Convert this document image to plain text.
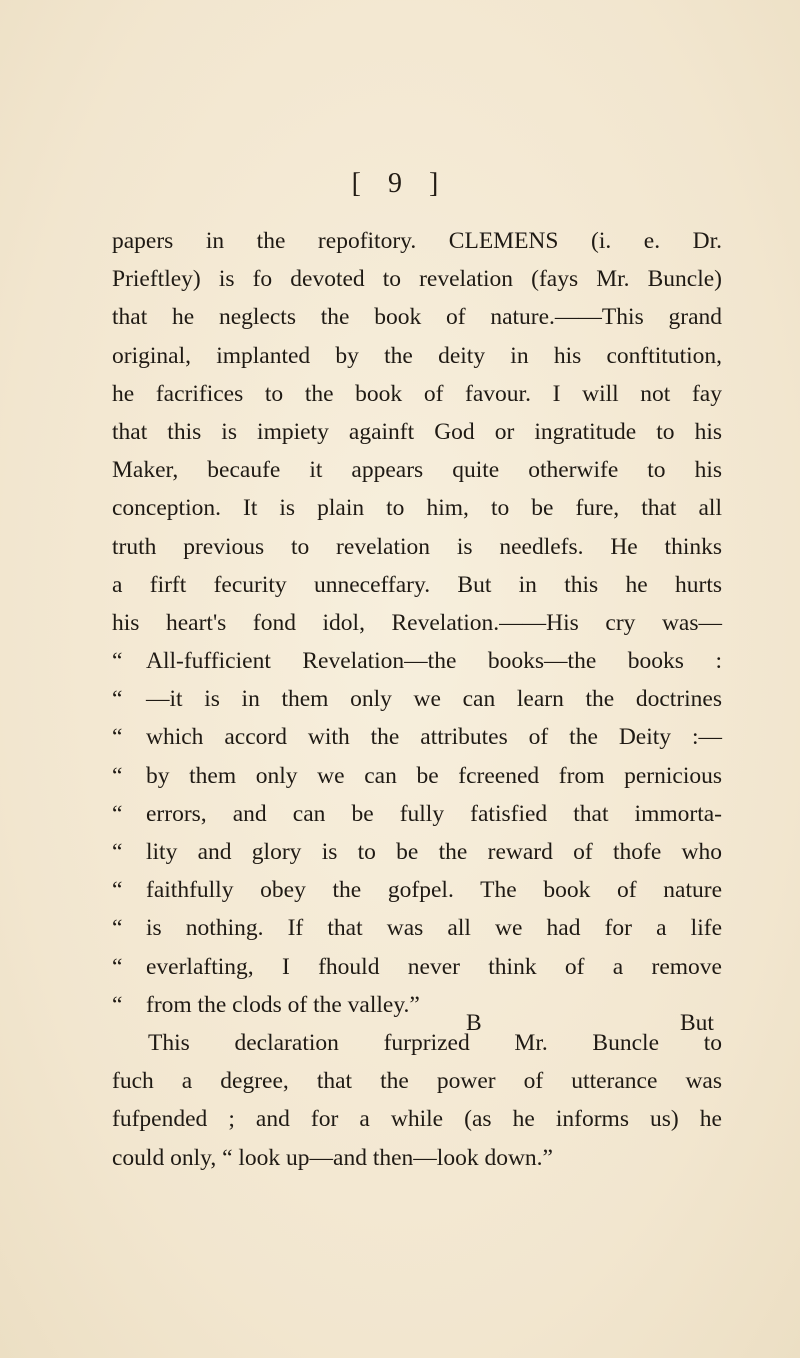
[ 9 ]
papers in the repofitory. CLEMENS (i. e. Dr.
Prieftley) is fo devoted to revelation (fays Mr. Buncle)
that he neglects the book of nature.——This grand
original, implanted by the deity in his conftitution,
he facrifices to the book of favour. I will not fay
that this is impiety againft God or ingratitude to his
Maker, becaufe it appears quite otherwife to his
conception. It is plain to him, to be fure, that all
truth previous to revelation is needlefs. He thinks
a firft fecurity unneceffary. But in this he hurts
his heart's fond idol, Revelation.——His cry was—
“ All-fufficient Revelation—the books—the books :
“ —it is in them only we can learn the doctrines
“ which accord with the attributes of the Deity :—
“ by them only we can be fcreened from pernicious
“ errors, and can be fully fatisfied that immorta-
“ lity and glory is to be the reward of thofe who
“ faithfully obey the gofpel. The book of nature
“ is nothing. If that was all we had for a life
“ everlafting, I fhould never think of a remove
“ from the clods of the valley.”
This declaration furprized Mr. Buncle to
fuch a degree, that the power of utterance was
fufpended ; and for a while (as he informs us) he
could only, “ look up—and then—look down.”
B	But
